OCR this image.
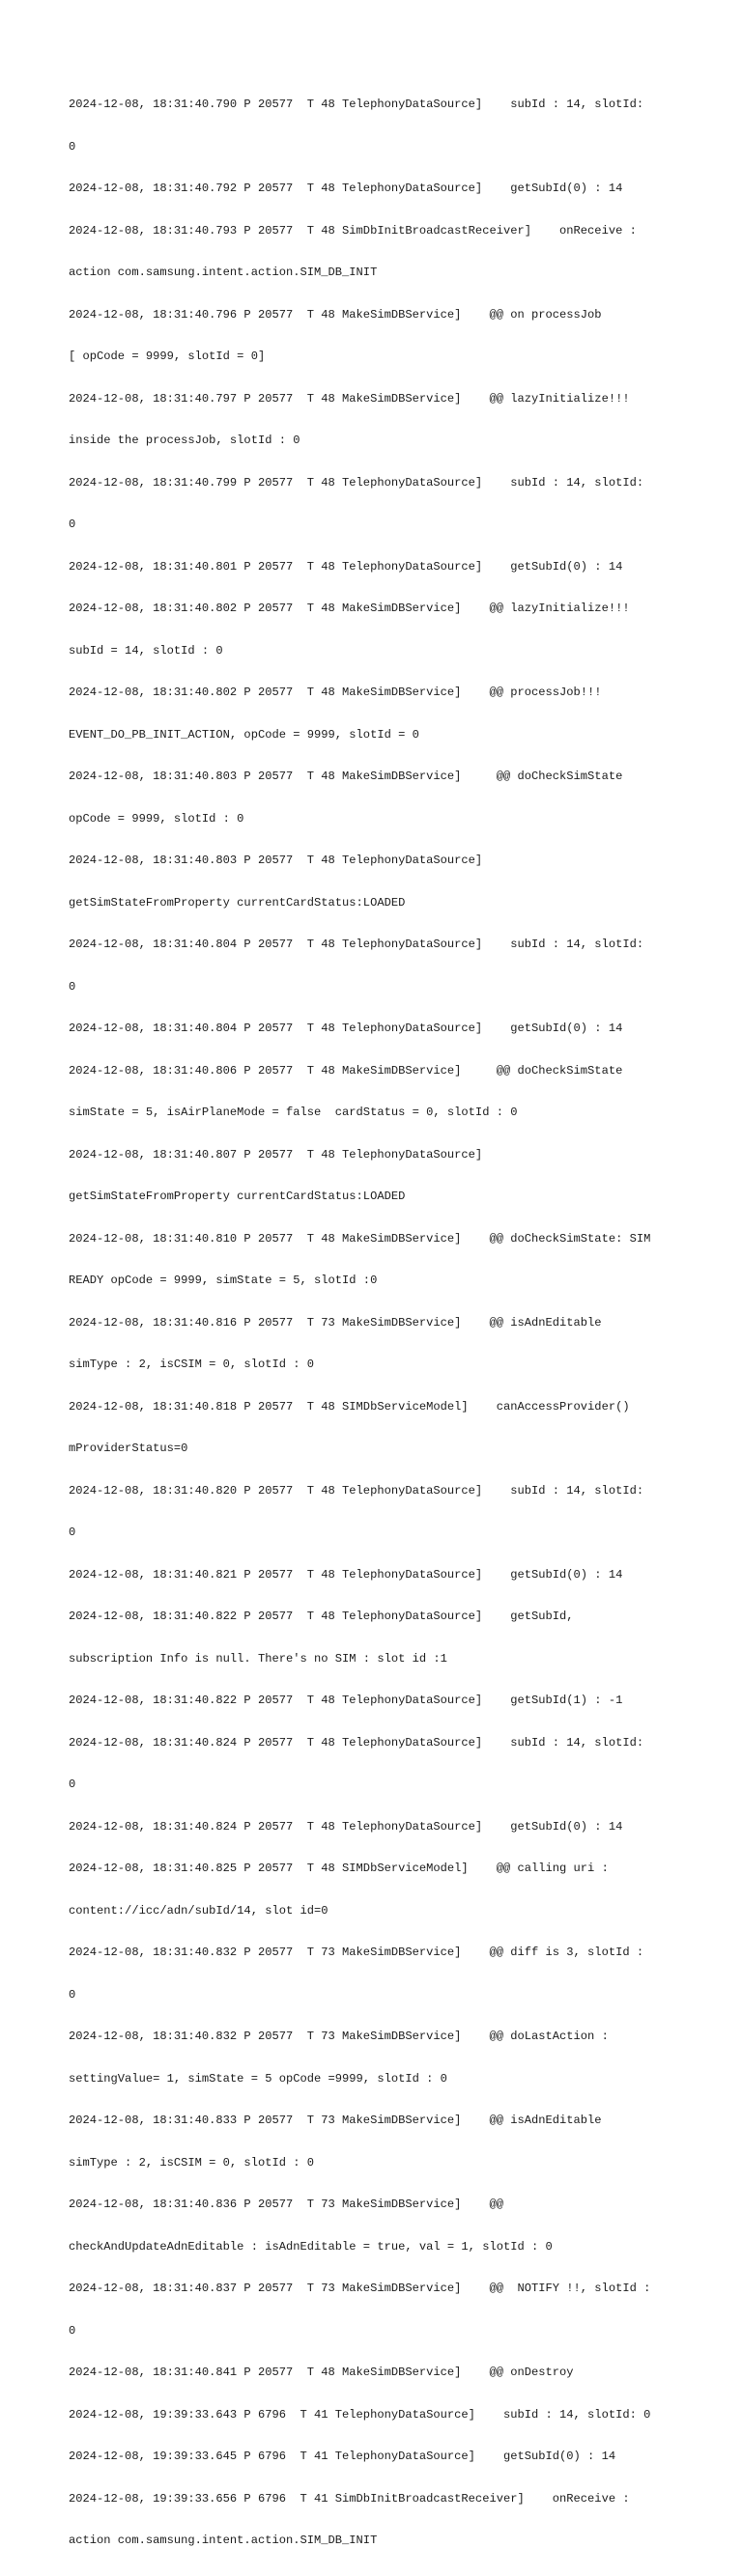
2024-12-08, 18:31:40.790 P 20577  T 48 TelephonyDataSource]    subId : 14, slotId:

0

2024-12-08, 18:31:40.792 P 20577  T 48 TelephonyDataSource]    getSubId(0) : 14

2024-12-08, 18:31:40.793 P 20577  T 48 SimDbInitBroadcastReceiver]    onReceive :

action com.samsung.intent.action.SIM_DB_INIT

2024-12-08, 18:31:40.796 P 20577  T 48 MakeSimDBService]    @@ on processJob

[ opCode = 9999, slotId = 0]

2024-12-08, 18:31:40.797 P 20577  T 48 MakeSimDBService]    @@ lazyInitialize!!!

inside the processJob, slotId : 0

2024-12-08, 18:31:40.799 P 20577  T 48 TelephonyDataSource]    subId : 14, slotId:

0

2024-12-08, 18:31:40.801 P 20577  T 48 TelephonyDataSource]    getSubId(0) : 14

2024-12-08, 18:31:40.802 P 20577  T 48 MakeSimDBService]    @@ lazyInitialize!!!

subId = 14, slotId : 0

2024-12-08, 18:31:40.802 P 20577  T 48 MakeSimDBService]    @@ processJob!!!

EVENT_DO_PB_INIT_ACTION, opCode = 9999, slotId = 0

2024-12-08, 18:31:40.803 P 20577  T 48 MakeSimDBService]     @@ doCheckSimState

opCode = 9999, slotId : 0

2024-12-08, 18:31:40.803 P 20577  T 48 TelephonyDataSource]

getSimStateFromProperty currentCardStatus:LOADED

2024-12-08, 18:31:40.804 P 20577  T 48 TelephonyDataSource]    subId : 14, slotId:

0

2024-12-08, 18:31:40.804 P 20577  T 48 TelephonyDataSource]    getSubId(0) : 14

2024-12-08, 18:31:40.806 P 20577  T 48 MakeSimDBService]     @@ doCheckSimState

simState = 5, isAirPlaneMode = false  cardStatus = 0, slotId : 0

2024-12-08, 18:31:40.807 P 20577  T 48 TelephonyDataSource]

getSimStateFromProperty currentCardStatus:LOADED

2024-12-08, 18:31:40.810 P 20577  T 48 MakeSimDBService]    @@ doCheckSimState: SIM

READY opCode = 9999, simState = 5, slotId :0

2024-12-08, 18:31:40.816 P 20577  T 73 MakeSimDBService]    @@ isAdnEditable

simType : 2, isCSIM = 0, slotId : 0

2024-12-08, 18:31:40.818 P 20577  T 48 SIMDbServiceModel]    canAccessProvider()

mProviderStatus=0

2024-12-08, 18:31:40.820 P 20577  T 48 TelephonyDataSource]    subId : 14, slotId:

0

2024-12-08, 18:31:40.821 P 20577  T 48 TelephonyDataSource]    getSubId(0) : 14

2024-12-08, 18:31:40.822 P 20577  T 48 TelephonyDataSource]    getSubId,

subscription Info is null. There's no SIM : slot id :1

2024-12-08, 18:31:40.822 P 20577  T 48 TelephonyDataSource]    getSubId(1) : -1

2024-12-08, 18:31:40.824 P 20577  T 48 TelephonyDataSource]    subId : 14, slotId:

0

2024-12-08, 18:31:40.824 P 20577  T 48 TelephonyDataSource]    getSubId(0) : 14

2024-12-08, 18:31:40.825 P 20577  T 48 SIMDbServiceModel]    @@ calling uri :

content://icc/adn/subId/14, slot id=0

2024-12-08, 18:31:40.832 P 20577  T 73 MakeSimDBService]    @@ diff is 3, slotId :

0

2024-12-08, 18:31:40.832 P 20577  T 73 MakeSimDBService]    @@ doLastAction :

settingValue= 1, simState = 5 opCode =9999, slotId : 0

2024-12-08, 18:31:40.833 P 20577  T 73 MakeSimDBService]    @@ isAdnEditable

simType : 2, isCSIM = 0, slotId : 0

2024-12-08, 18:31:40.836 P 20577  T 73 MakeSimDBService]    @@

checkAndUpdateAdnEditable : isAdnEditable = true, val = 1, slotId : 0

2024-12-08, 18:31:40.837 P 20577  T 73 MakeSimDBService]    @@  NOTIFY !!, slotId :

0

2024-12-08, 18:31:40.841 P 20577  T 48 MakeSimDBService]    @@ onDestroy

2024-12-08, 19:39:33.643 P 6796  T 41 TelephonyDataSource]    subId : 14, slotId: 0

2024-12-08, 19:39:33.645 P 6796  T 41 TelephonyDataSource]    getSubId(0) : 14

2024-12-08, 19:39:33.656 P 6796  T 41 SimDbInitBroadcastReceiver]    onReceive :

action com.samsung.intent.action.SIM_DB_INIT
